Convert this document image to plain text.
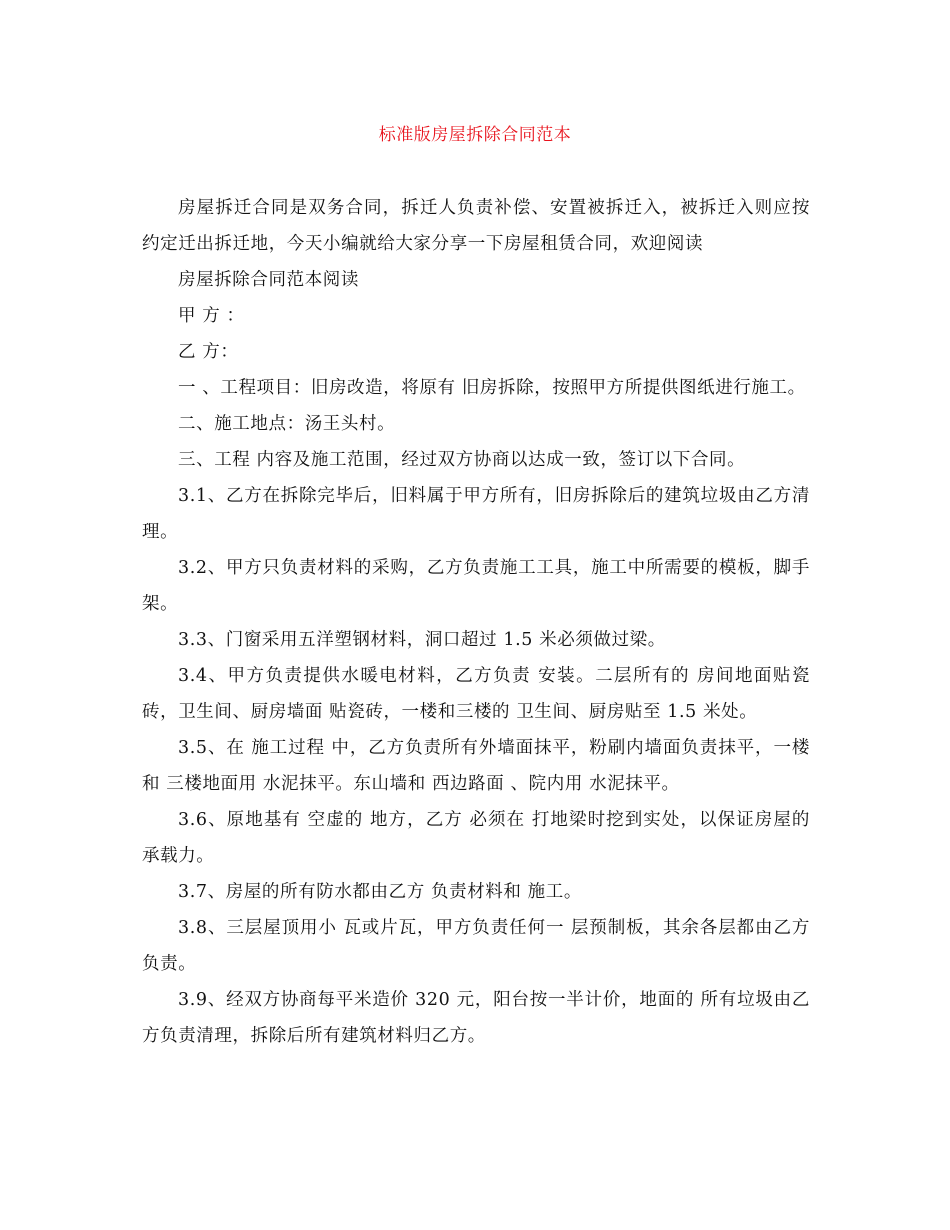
标准版房屋拆除合同范本

房屋拆迁合同是双务合同，拆迁人负责补偿、安置被拆迁入，被拆迁入则应按约定迁出拆迁地，今天小编就给大家分享一下房屋租赁合同，欢迎阅读

房屋拆除合同范本阅读

甲 方 ：

乙 方：

一 、工程项目：旧房改造，将原有 旧房拆除，按照甲方所提供图纸进行施工。

二、施工地点：汤王头村。

三、工程 内容及施工范围，经过双方协商以达成一致，签订以下合同。

3.1、乙方在拆除完毕后，旧料属于甲方所有，旧房拆除后的建筑垃圾由乙方清理。

3.2、甲方只负责材料的采购，乙方负责施工工具，施工中所需要的模板，脚手架。

3.3、门窗采用五洋塑钢材料，洞口超过 1.5 米必须做过梁。

3.4、甲方负责提供水暖电材料，乙方负责 安装。二层所有的 房间地面贴瓷砖，卫生间、厨房墙面 贴瓷砖，一楼和三楼的 卫生间、厨房贴至 1.5 米处。

3.5、在 施工过程 中，乙方负责所有外墙面抹平，粉刷内墙面负责抹平，一楼和 三楼地面用 水泥抹平。东山墙和 西边路面 、院内用 水泥抹平。

3.6、原地基有 空虚的 地方，乙方 必须在 打地梁时挖到实处，以保证房屋的承载力。

3.7、房屋的所有防水都由乙方 负责材料和 施工。

3.8、三层屋顶用小 瓦或片瓦，甲方负责任何一 层预制板，其余各层都由乙方负责。

3.9、经双方协商每平米造价 320 元，阳台按一半计价，地面的 所有垃圾由乙方负责清理，拆除后所有建筑材料归乙方。
